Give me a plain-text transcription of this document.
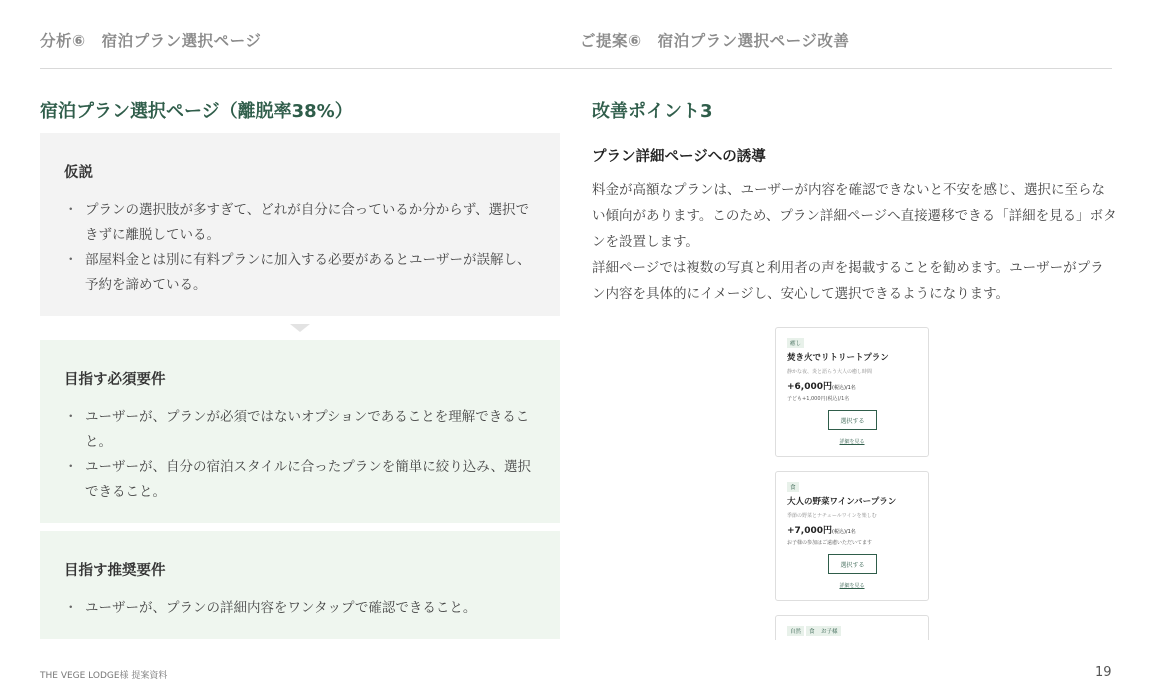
分析⑥　宿泊プラン選択ページ	ご提案⑥　宿泊プラン選択ページ改善
宿泊プラン選択ページ（離脱率38%）
仮説
・ プランの選択肢が多すぎて、どれが自分に合っているか分からず、選択できずに離脱している。
・ 部屋料金とは別に有料プランに加入する必要があるとユーザーが誤解し、予約を諦めている。
目指す必須要件
・ ユーザーが、プランが必須ではないオプションであることを理解できること。
・ ユーザーが、自分の宿泊スタイルに合ったプランを簡単に絞り込み、選択できること。
目指す推奨要件
・ ユーザーが、プランの詳細内容をワンタップで確認できること。
改善ポイント3
プラン詳細ページへの誘導

料金が高額なプランは、ユーザーが内容を確認できないと不安を感じ、選択に至らない傾向があります。このため、プラン詳細ページへ直接遷移できる「詳細を見る」ボタンを設置します。

詳細ページでは複数の写真と利用者の声を掲載することを勧めます。ユーザーがプラン内容を具体的にイメージし、安心して選択できるようになります。

癒し
焚き火でリトリートプラン
静かな夜、炎と語らう大人の癒し時間
+6,000円(税込)/1名
子ども+1,000円(税込)/1名
選択する
詳細を見る
食
大人の野菜ワインバープラン
季節の野菜とナチュールワインを楽しむ
+7,000円(税込)/1名
お子様の参加はご遠慮いただいてます
選択する
詳細を見る
自然	食	お子様
THE VEGE LODGE様 提案資料	19
